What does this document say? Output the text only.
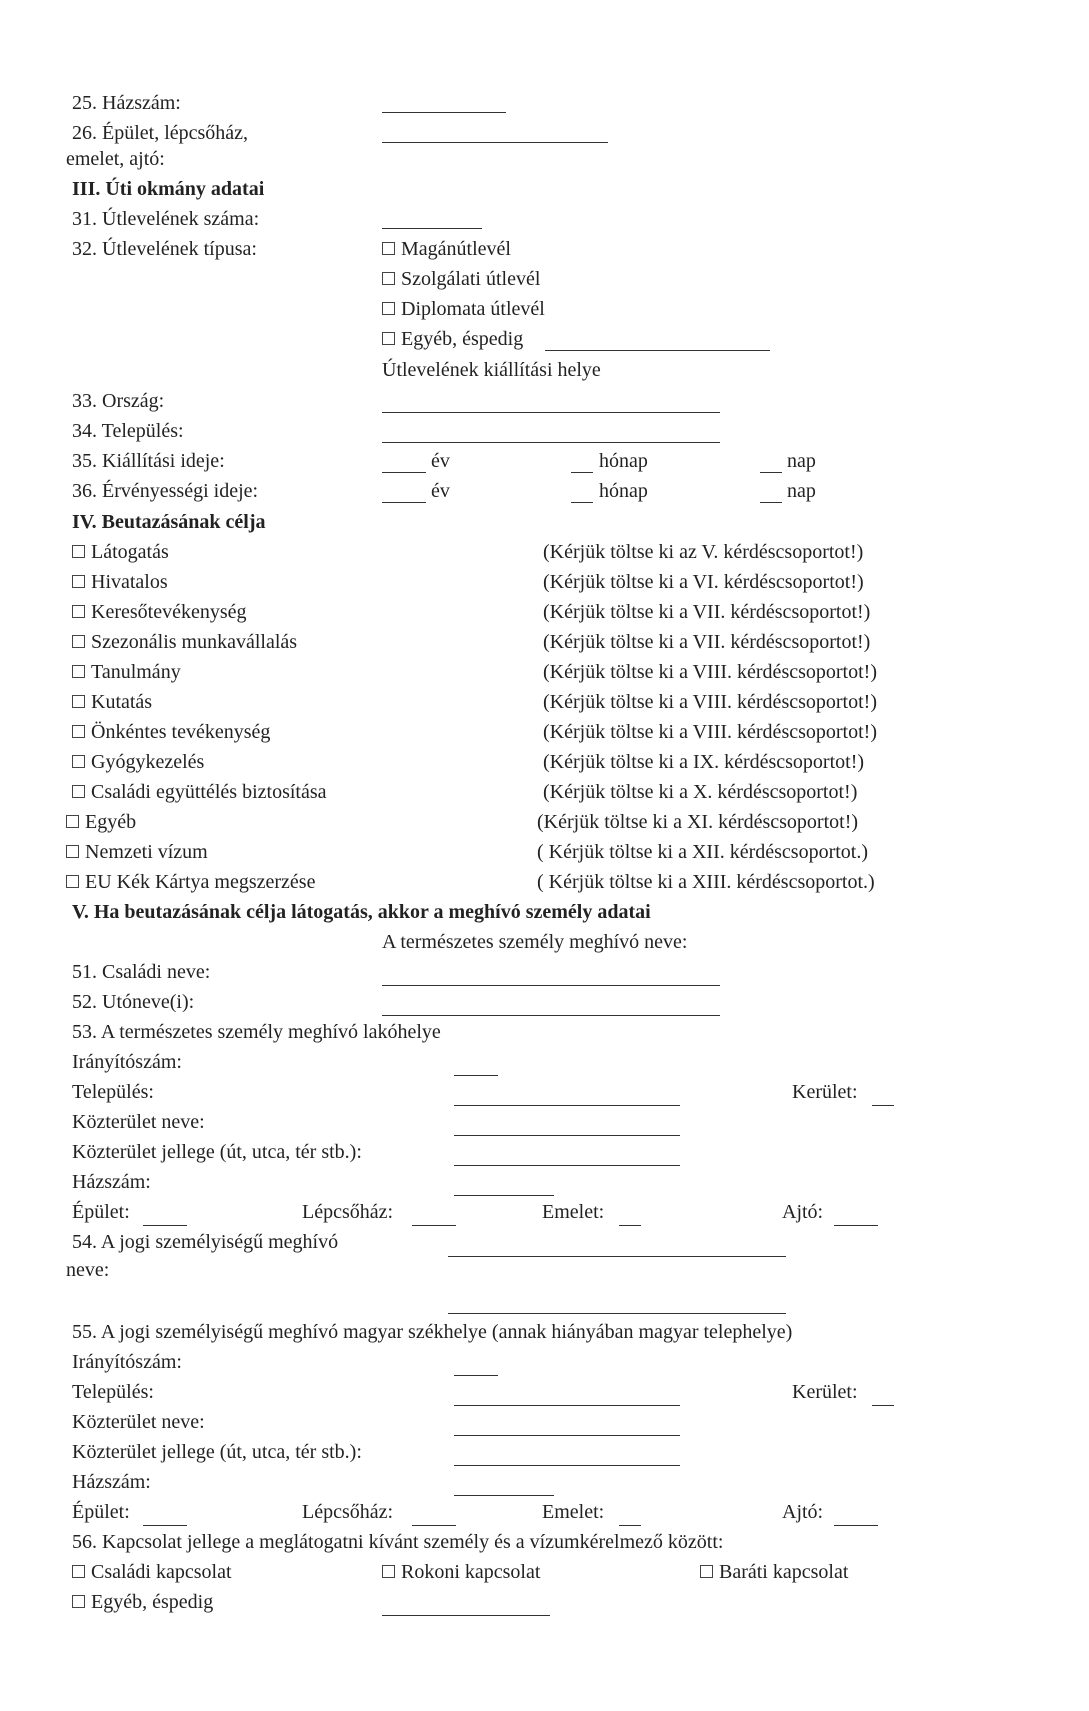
25. Házszám:
26. Épület, lépcsőház,
emelet, ajtó:
III. Úti okmány adatai
31. Útlevelének száma:
32. Útlevelének típusa:	Magánútlevél
Szolgálati útlevél
Diplomata útlevél
Egyéb, éspedig
Útlevelének kiállítási helye
33. Ország:
34. Település:
35. Kiállítási ideje:	év	hónap	nap
36. Érvényességi ideje:	év	hónap	nap
IV. Beutazásának célja
Látogatás	(Kérjük töltse ki az V. kérdéscsoportot!)
Hivatalos	(Kérjük töltse ki a VI. kérdéscsoportot!)
Keresőtevékenység	(Kérjük töltse ki a VII. kérdéscsoportot!)
Szezonális munkavállalás	(Kérjük töltse ki a VII. kérdéscsoportot!)
Tanulmány	(Kérjük töltse ki a VIII. kérdéscsoportot!)
Kutatás	(Kérjük töltse ki a VIII. kérdéscsoportot!)
Önkéntes tevékenység	(Kérjük töltse ki a VIII. kérdéscsoportot!)
Gyógykezelés	(Kérjük töltse ki a IX. kérdéscsoportot!)
Családi együttélés biztosítása	(Kérjük töltse ki a X. kérdéscsoportot!)
Egyéb	(Kérjük töltse ki a XI. kérdéscsoportot!)
Nemzeti vízum	( Kérjük töltse ki a XII. kérdéscsoportot.)
EU Kék Kártya megszerzése	( Kérjük töltse ki a XIII. kérdéscsoportot.)
V. Ha beutazásának célja látogatás, akkor a meghívó személy adatai
A természetes személy meghívó neve:
51. Családi neve:
52. Utóneve(i):
53. A természetes személy meghívó lakóhelye
Irányítószám:
Település:	Kerület:
Közterület neve:
Közterület jellege (út, utca, tér stb.):
Házszám:
Épület:	Lépcsőház:	Emelet:	Ajtó:
54. A jogi személyiségű meghívó
neve:
55. A jogi személyiségű meghívó magyar székhelye (annak hiányában magyar telephelye)
Irányítószám:
Település:	Kerület:
Közterület neve:
Közterület jellege (út, utca, tér stb.):
Házszám:
Épület:	Lépcsőház:	Emelet:	Ajtó:
56. Kapcsolat jellege a meglátogatni kívánt személy és a vízumkérelmező között:
Családi kapcsolat	Rokoni kapcsolat	Baráti kapcsolat
Egyéb, éspedig
